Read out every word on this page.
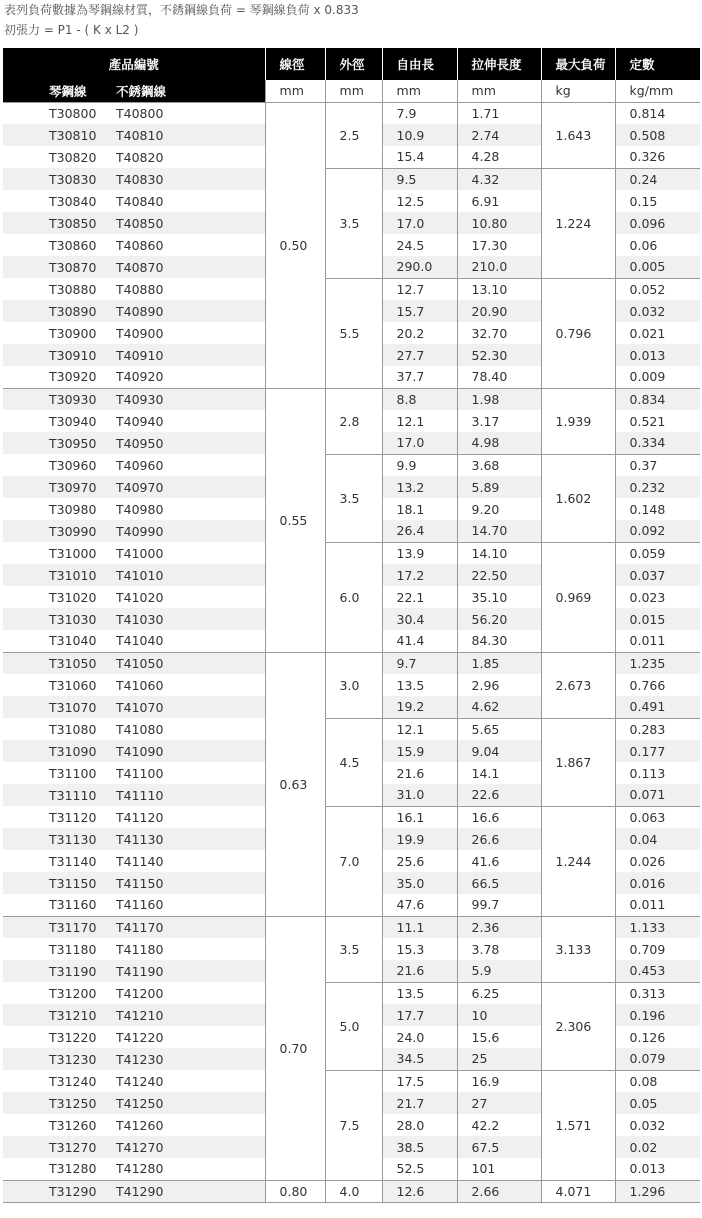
表列負荷數據為琴鋼線材質，不銹鋼線負荷 = 琴鋼線負荷 x 0.833
初張力 = P1 - ( K x L2 )
產品編號		線徑	外徑	自由長	拉伸長度	最大負荷	定數
琴鋼線	不銹鋼線	mm	mm	mm	mm	kg	kg/mm
T30800	T40800	0.50	2.5	7.9	1.71	1.643	0.814
T30810	T40810			10.9	2.74		0.508
T30820	T40820			15.4	4.28		0.326
T30830	T40830		3.5	9.5	4.32	1.224	0.24
T30840	T40840			12.5	6.91		0.15
T30850	T40850			17.0	10.80		0.096
T30860	T40860			24.5	17.30		0.06
T30870	T40870			290.0	210.0		0.005
T30880	T40880		5.5	12.7	13.10	0.796	0.052
T30890	T40890			15.7	20.90		0.032
T30900	T40900			20.2	32.70		0.021
T30910	T40910			27.7	52.30		0.013
T30920	T40920			37.7	78.40		0.009
T30930	T40930	0.55	2.8	8.8	1.98	1.939	0.834
T30940	T40940			12.1	3.17		0.521
T30950	T40950			17.0	4.98		0.334
T30960	T40960		3.5	9.9	3.68	1.602	0.37
T30970	T40970			13.2	5.89		0.232
T30980	T40980			18.1	9.20		0.148
T30990	T40990			26.4	14.70		0.092
T31000	T41000		6.0	13.9	14.10	0.969	0.059
T31010	T41010			17.2	22.50		0.037
T31020	T41020			22.1	35.10		0.023
T31030	T41030			30.4	56.20		0.015
T31040	T41040			41.4	84.30		0.011
T31050	T41050	0.63	3.0	9.7	1.85	2.673	1.235
T31060	T41060			13.5	2.96		0.766
T31070	T41070			19.2	4.62		0.491
T31080	T41080		4.5	12.1	5.65	1.867	0.283
T31090	T41090			15.9	9.04		0.177
T31100	T41100			21.6	14.1		0.113
T31110	T41110			31.0	22.6		0.071
T31120	T41120		7.0	16.1	16.6	1.244	0.063
T31130	T41130			19.9	26.6		0.04
T31140	T41140			25.6	41.6		0.026
T31150	T41150			35.0	66.5		0.016
T31160	T41160			47.6	99.7		0.011
T31170	T41170	0.70	3.5	11.1	2.36	3.133	1.133
T31180	T41180			15.3	3.78		0.709
T31190	T41190			21.6	5.9		0.453
T31200	T41200		5.0	13.5	6.25	2.306	0.313
T31210	T41210			17.7	10		0.196
T31220	T41220			24.0	15.6		0.126
T31230	T41230			34.5	25		0.079
T31240	T41240		7.5	17.5	16.9	1.571	0.08
T31250	T41250			21.7	27		0.05
T31260	T41260			28.0	42.2		0.032
T31270	T41270			38.5	67.5		0.02
T31280	T41280			52.5	101		0.013
T31290	T41290	0.80	4.0	12.6	2.66	4.071	1.296
